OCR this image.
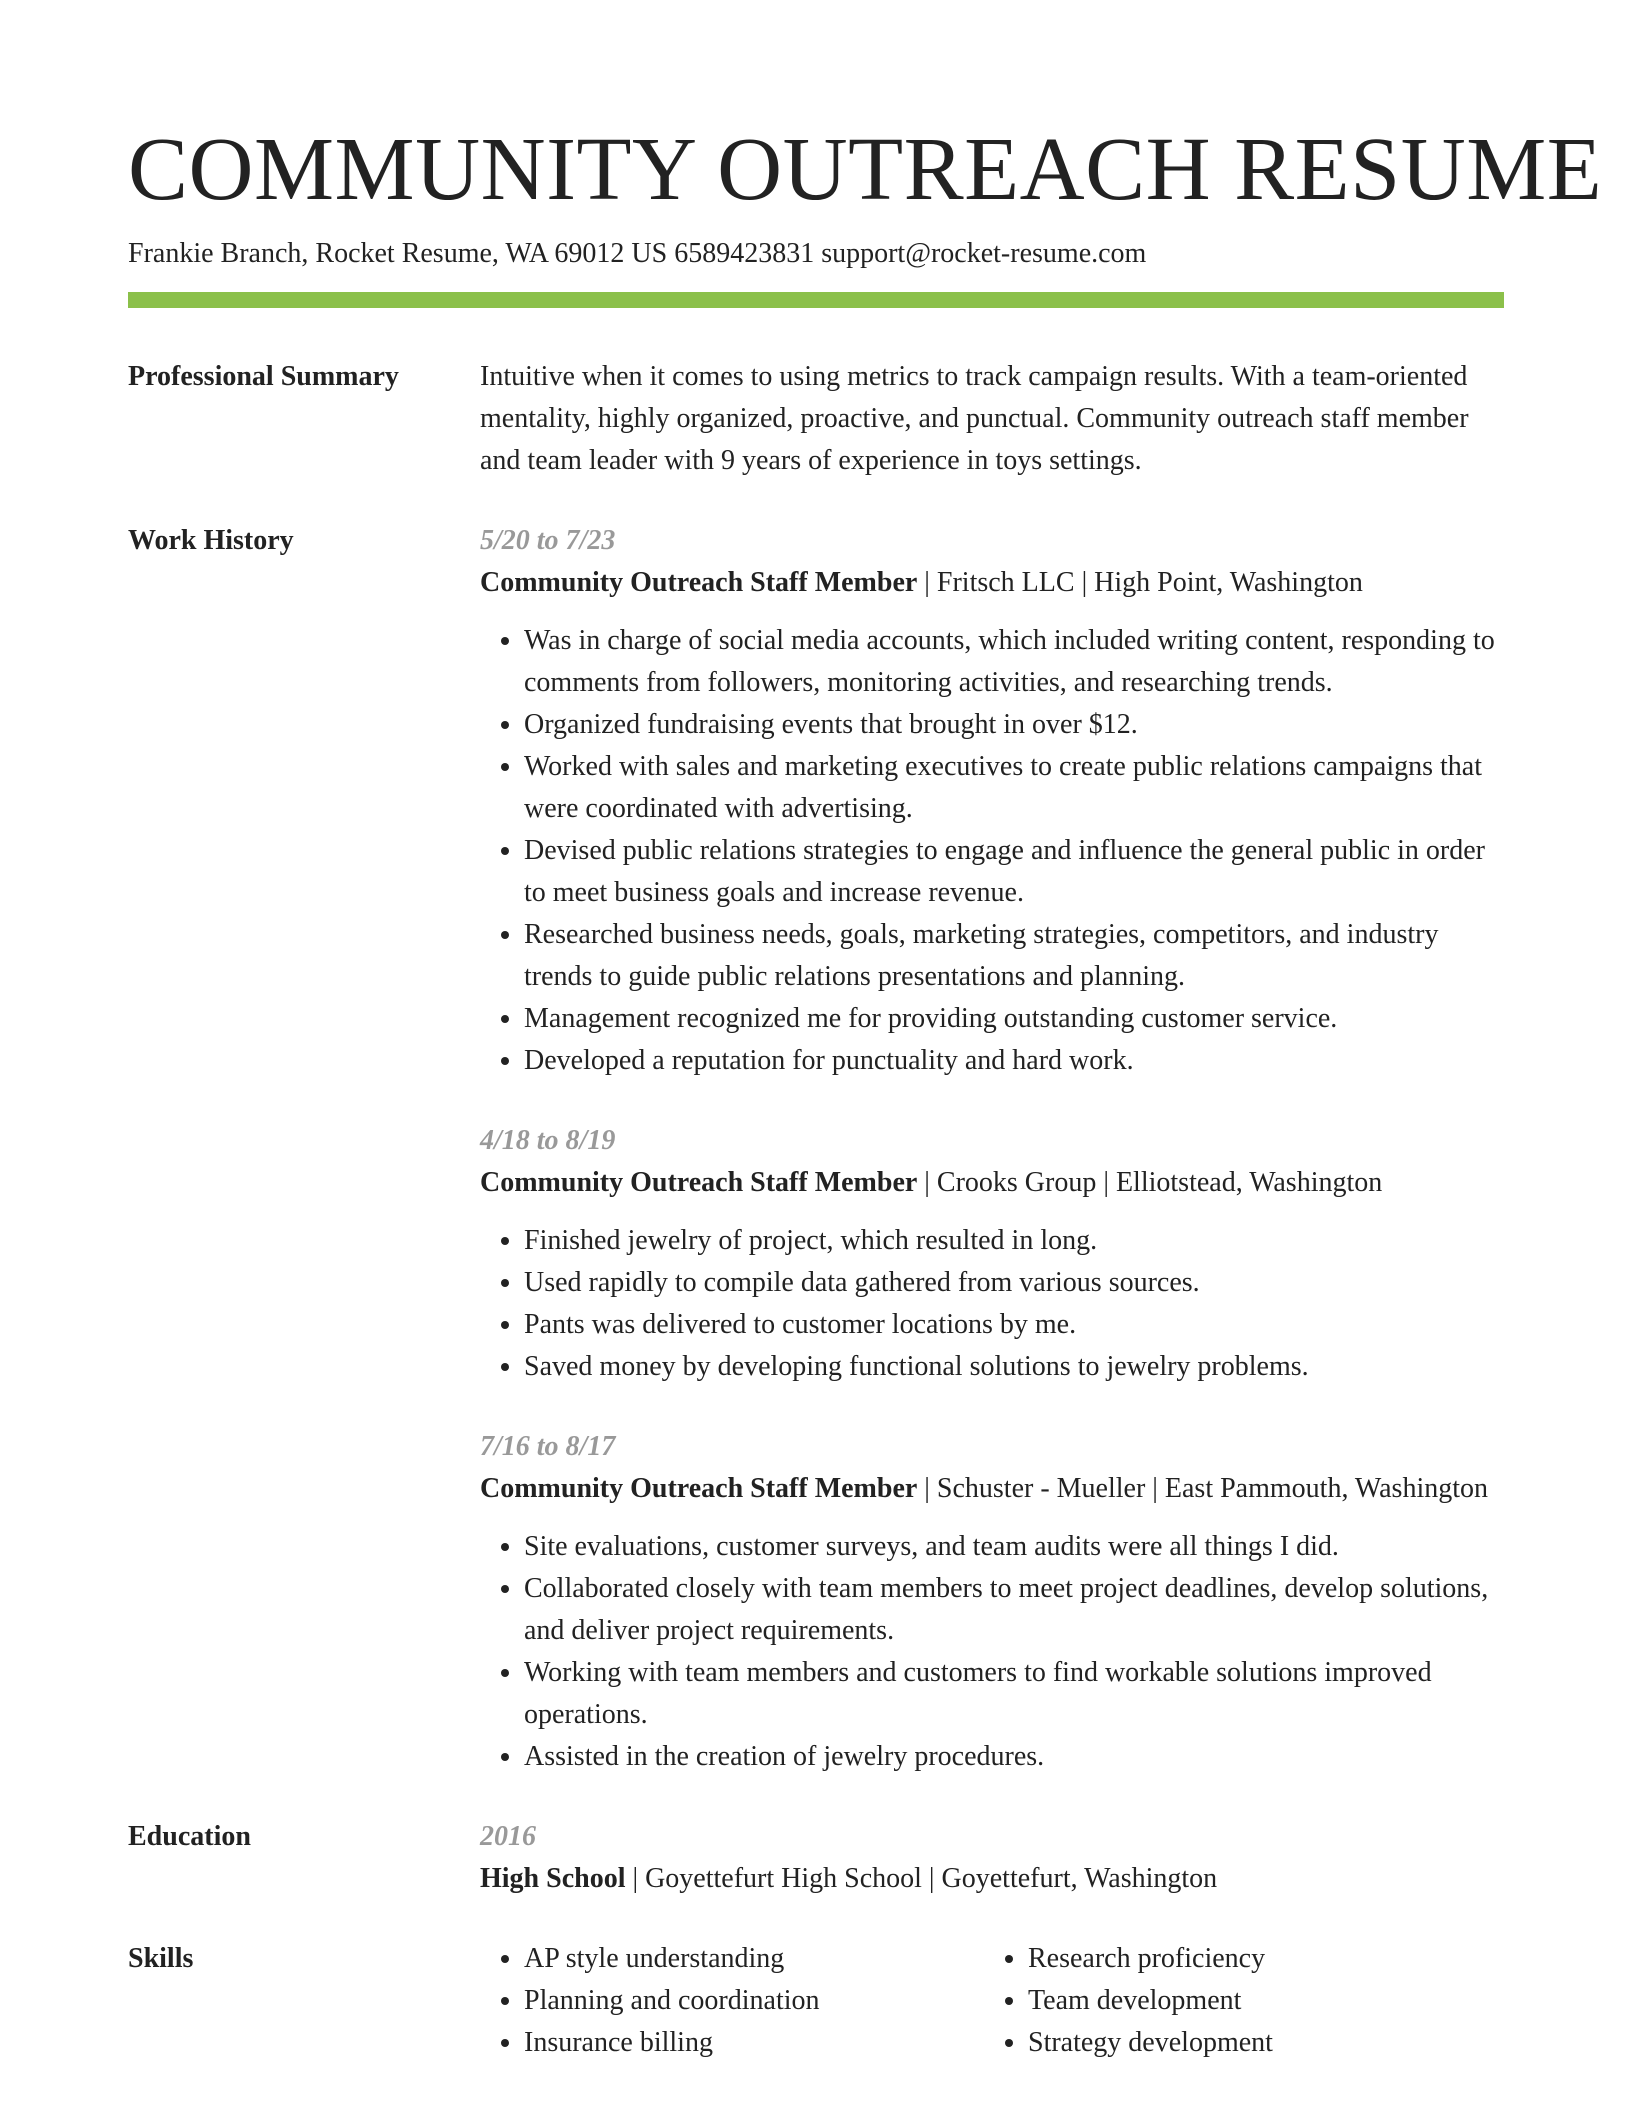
COMMUNITY OUTREACH RESUME
Frankie Branch, Rocket Resume, WA 69012 US 6589423831 support@rocket-resume.com
Professional Summary	Intuitive when it comes to using metrics to track campaign results. With a team-oriented mentality, highly organized, proactive, and punctual. Community outreach staff member and team leader with 9 years of experience in toys settings.

Work History	5/20 to 7/23
Community Outreach Staff Member | Fritsch LLC | High Point, Washington
• Was in charge of social media accounts, which included writing content, responding to comments from followers, monitoring activities, and researching trends.
• Organized fundraising events that brought in over $12.
• Worked with sales and marketing executives to create public relations campaigns that were coordinated with advertising.
• Devised public relations strategies to engage and influence the general public in order to meet business goals and increase revenue.
• Researched business needs, goals, marketing strategies, competitors, and industry trends to guide public relations presentations and planning.
• Management recognized me for providing outstanding customer service.
• Developed a reputation for punctuality and hard work.
4/18 to 8/19
Community Outreach Staff Member | Crooks Group | Elliotstead, Washington
• Finished jewelry of project, which resulted in long.
• Used rapidly to compile data gathered from various sources.
• Pants was delivered to customer locations by me.
• Saved money by developing functional solutions to jewelry problems.
7/16 to 8/17
Community Outreach Staff Member | Schuster - Mueller | East Pammouth, Washington
• Site evaluations, customer surveys, and team audits were all things I did.
• Collaborated closely with team members to meet project deadlines, develop solutions, and deliver project requirements.
• Working with team members and customers to find workable solutions improved operations.
• Assisted in the creation of jewelry procedures.
Education	2016
High School | Goyettefurt High School | Goyettefurt, Washington
Skills
•	AP style understanding
• Planning and coordination
• Insurance billing
• Research proficiency
• Team development
• Strategy development
